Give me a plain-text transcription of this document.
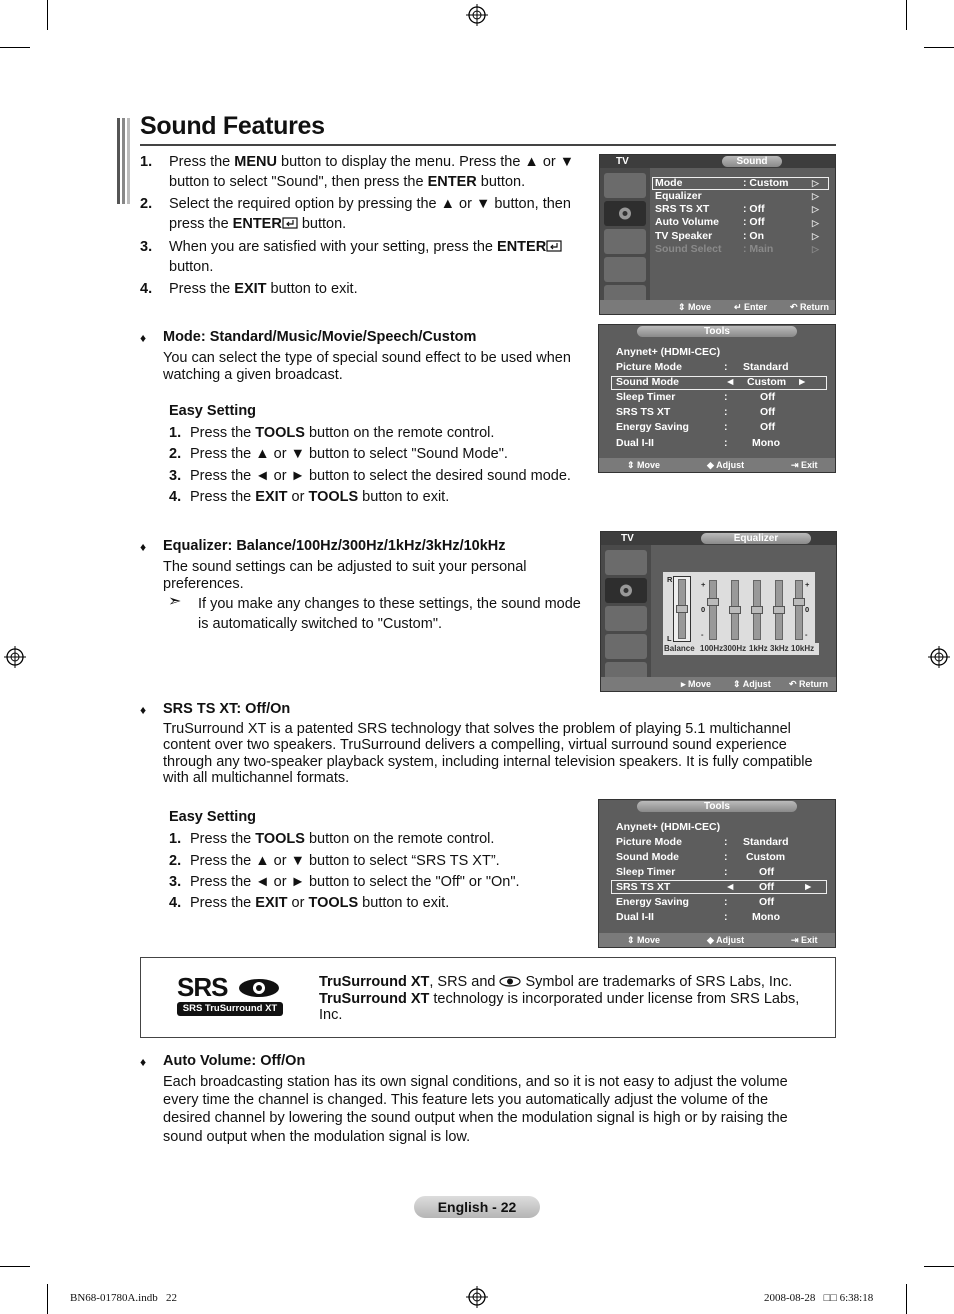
Sound Features
1. Press the MENU button to display the menu. Press the ▲ or ▼
button to select "Sound", then press the ENTER button.
2. Select the required option by pressing the ▲ or ▼ button, then
press the ENTER button.
3. When you are satisfied with your setting, press the ENTER
button.
4. Press the EXIT button to exit.
♦ Mode: Standard/Music/Movie/Speech/Custom
You can select the type of special sound effect to be used when
watching a given broadcast.
Easy Setting
1. Press the TOOLS button on the remote control.
2. Press the ▲ or ▼ button to select "Sound Mode".
3. Press the ◄ or ► button to select the desired sound mode.
4. Press the EXIT or TOOLS button to exit.
♦ Equalizer: Balance/100Hz/300Hz/1kHz/3kHz/10kHz
The sound settings can be adjusted to suit your personal
preferences.
➣ If you make any changes to these settings, the sound mode
is automatically switched to "Custom".
♦ SRS TS XT: Off/On
TruSurround XT is a patented SRS technology that solves the problem of playing 5.1 multichannel
content over two speakers. TruSurround delivers a compelling, virtual surround sound experience
through any two-speaker playback system, including internal television speakers. It is fully compatible
with all multichannel formats.
Easy Setting
1. Press the TOOLS button on the remote control.
2. Press the ▲ or ▼ button to select “SRS TS XT”.
3. Press the ◄ or ► button to select the "Off" or "On".
4. Press the EXIT or TOOLS button to exit.
SRS
SRS TruSurround XT
TruSurround XT, SRS and  Symbol are trademarks of SRS Labs, Inc.
TruSurround XT technology is incorporated under license from SRS Labs,
Inc.
♦ Auto Volume: Off/On
Each broadcasting station has its own signal conditions, and so it is not easy to adjust the volume
every time the channel is changed. This feature lets you automatically adjust the volume of the
desired channel by lowering the sound output when the modulation signal is high or by raising the
sound output when the modulation signal is low.
TV	Sound
Mode	: Custom
Equalizer
SRS TS XT	: Off
Auto Volume : Off
TV Speaker	: On
Sound Select : Main
▷
▷
▷
▷
▷
▷
⇕ Move	↵ Enter	↶ Return
Tools
Anynet+ (HDMI-CEC)
Picture Mode	: Standard
Sound Mode	◄ Custom ►
Sleep Timer	:	Off
SRS TS XT	:	Off
Energy Saving	:	Off
Dual I-II	: Mono
⇕ Move	◆ Adjust	⇥ Exit
TV	Equalizer
R
L
+
0
-
+
0
-
Balance 100Hz 300Hz 1kHz 3kHz 10kHz
▸ Move ⇕ Adjust ↶ Return
Tools
Anynet+ (HDMI-CEC)
Picture Mode	: Standard
Sound Mode	: Custom
Sleep Timer	:	Off
SRS TS XT	◄ Off	►
Energy Saving	:	Off
Dual I-II	: Mono
⇕ Move	◆ Adjust	⇥ Exit
English - 22
BN68-01780A.indb   22	2008-08-28   □□ 6:38:18
